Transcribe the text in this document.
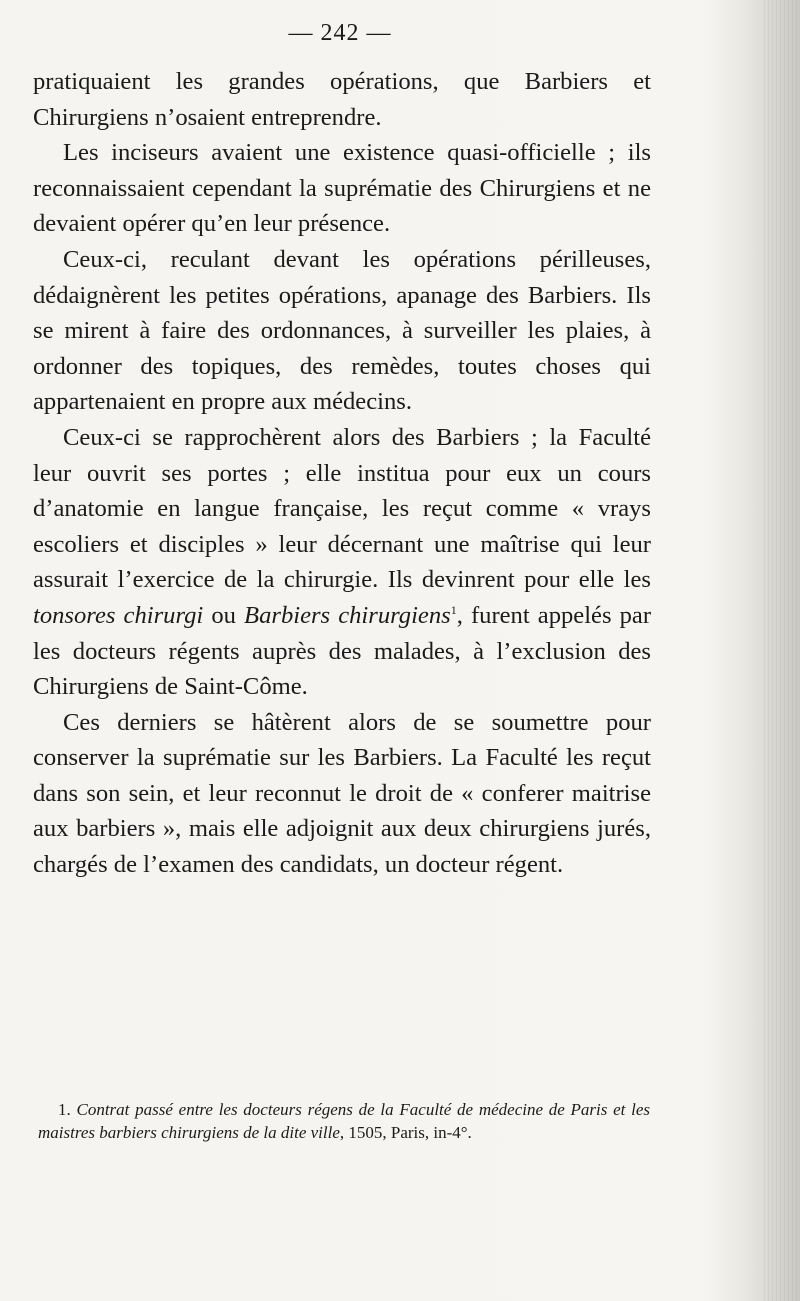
— 242 —

pratiquaient les grandes opérations, que Barbiers et Chirurgiens n’osaient entreprendre.

Les inciseurs avaient une existence quasi-officielle ; ils reconnaissaient cependant la suprématie des Chirurgiens et ne devaient opérer qu’en leur présence.

Ceux-ci, reculant devant les opérations périlleuses, dédaignèrent les petites opérations, apanage des Barbiers. Ils se mirent à faire des ordonnances, à surveiller les plaies, à ordonner des topiques, des remèdes, toutes choses qui appartenaient en propre aux médecins.

Ceux-ci se rapprochèrent alors des Barbiers ; la Faculté leur ouvrit ses portes ; elle institua pour eux un cours d’anatomie en langue française, les reçut comme « vrays escoliers et disciples » leur décernant une maîtrise qui leur assurait l’exercice de la chirurgie. Ils devinrent pour elle les tonsores chirurgi ou Barbiers chirurgiens$^1$, furent appelés par les docteurs régents auprès des malades, à l’exclusion des Chirurgiens de Saint-Côme.

Ces derniers se hâtèrent alors de se soumettre pour conserver la suprématie sur les Barbiers. La Faculté les reçut dans son sein, et leur reconnut le droit de « conferer maitrise aux barbiers », mais elle adjoignit aux deux chirurgiens jurés, chargés de l’examen des candidats, un docteur régent.

1. Contrat passé entre les docteurs régens de la Faculté de médecine de Paris et les maistres barbiers chirurgiens de la dite ville, 1505, Paris, in-4°.
